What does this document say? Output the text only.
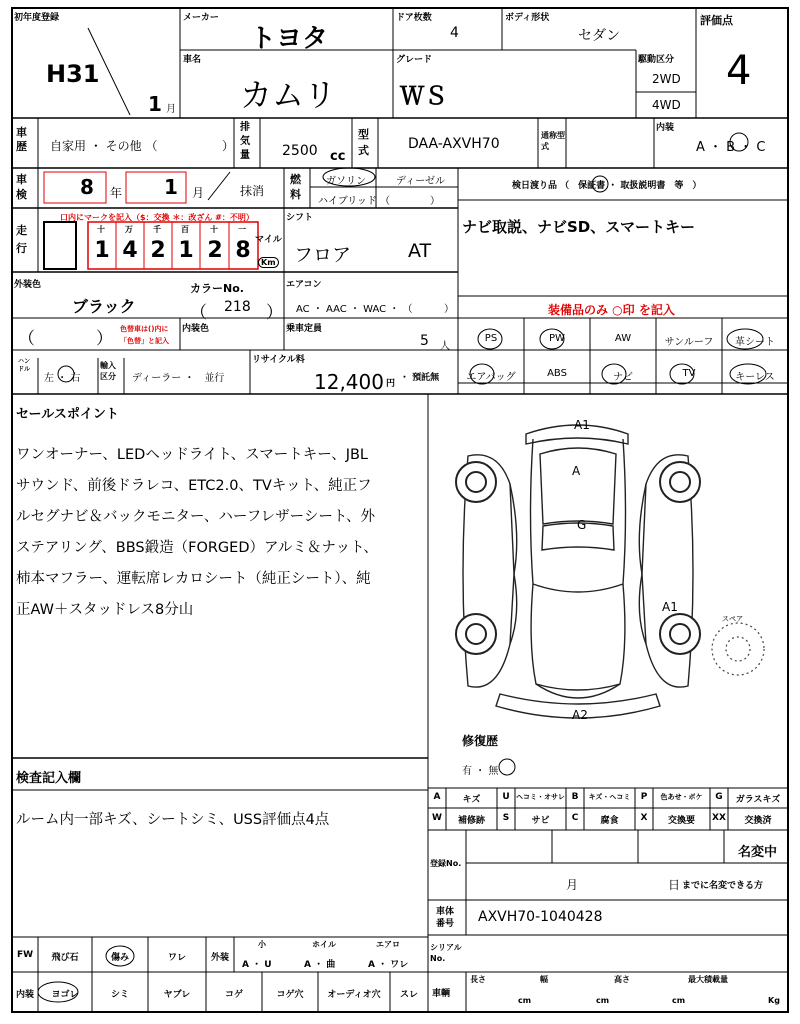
初年度登録
H31
1 月
メーカー
トヨタ
ドア枚数
4
ボディ形状
セダン
評価点
4
車名
カムリ
グレード
ＷＳ
駆動区分
2WD
4WD
車歴	自家用 ・ その他 （	）
排気量 2500 cc
型式	DAA-AXVH70
通称型式
内装
A ・ B ・ C
車検	8 年 1 月	抹消
燃料
ガソリン	ディーゼル
ハイブリッド （　　　　）
検日渡り品 （　保証書 ・ 取扱説明書　等　）
走行
口内にマークを記入（$：交換 ＊：改ざん #：不明）
十	万	千	百	十	一
1 4 2 1 2 8 マイル
Km
シフト
フロア	AT
ナビ取説、ナビSD、スマートキー
外装色
ブラック
カラーNo.
（ 218 ）
エアコン
AC ・ AAC ・ WAC ・ （	）	装備品のみ ○印 を記入
（	） 色替車は()内に
「色替」と記入
内装色	乗車定員
5 人
PS	PW	AW	サンルーフ	革シート
エアバッグ	ABS	ナビ	TV	キーレス
ハンドル
左 ・ 右
輸入区分	ディーラー ・　並行
リサイクル料
12,400 円
・ 預託無
セールスポイント
ワンオーナー、LEDヘッドライト、スマートキー、JBL
サウンド、前後ドラレコ、ETC2.0、TVキット、純正フ
ルセグナビ＆バックモニター、ハーフレザーシート、外
ステアリング、BBS鍛造（FORGED）アルミ＆ナット、
柿本マフラー、運転席レカロシート（純正シート）、純
正AW＋スタッドレス8分山
A1
A
G
A1
A2
スペア
修復歴
有 ・ 無
A	キズ	U ヘコミ・オサレ B	キズ・ヘコミ	P	色あせ・ボケ	G	ガラスキズ
W	補修跡	S	サビ	C	腐食	X	交換要	XX	交換済
検査記入欄
ルーム内一部キズ、シートシミ、USS評価点4点
登録No.
名変中
月	日 までに名変できる方
車体番号	AXVH70-1040428
シリアルNo.
車輌
長さ
cm
幅
cm
高さ
cm
最大積載量
Kg
FW	飛び石	傷み	ワレ	外装
小	ホイル	エアロ
A ・ U	A ・ 曲	A ・ ワレ
内装	ヨゴレ	シミ	ヤブレ	コゲ	コゲ穴	オーディオ穴	スレ
